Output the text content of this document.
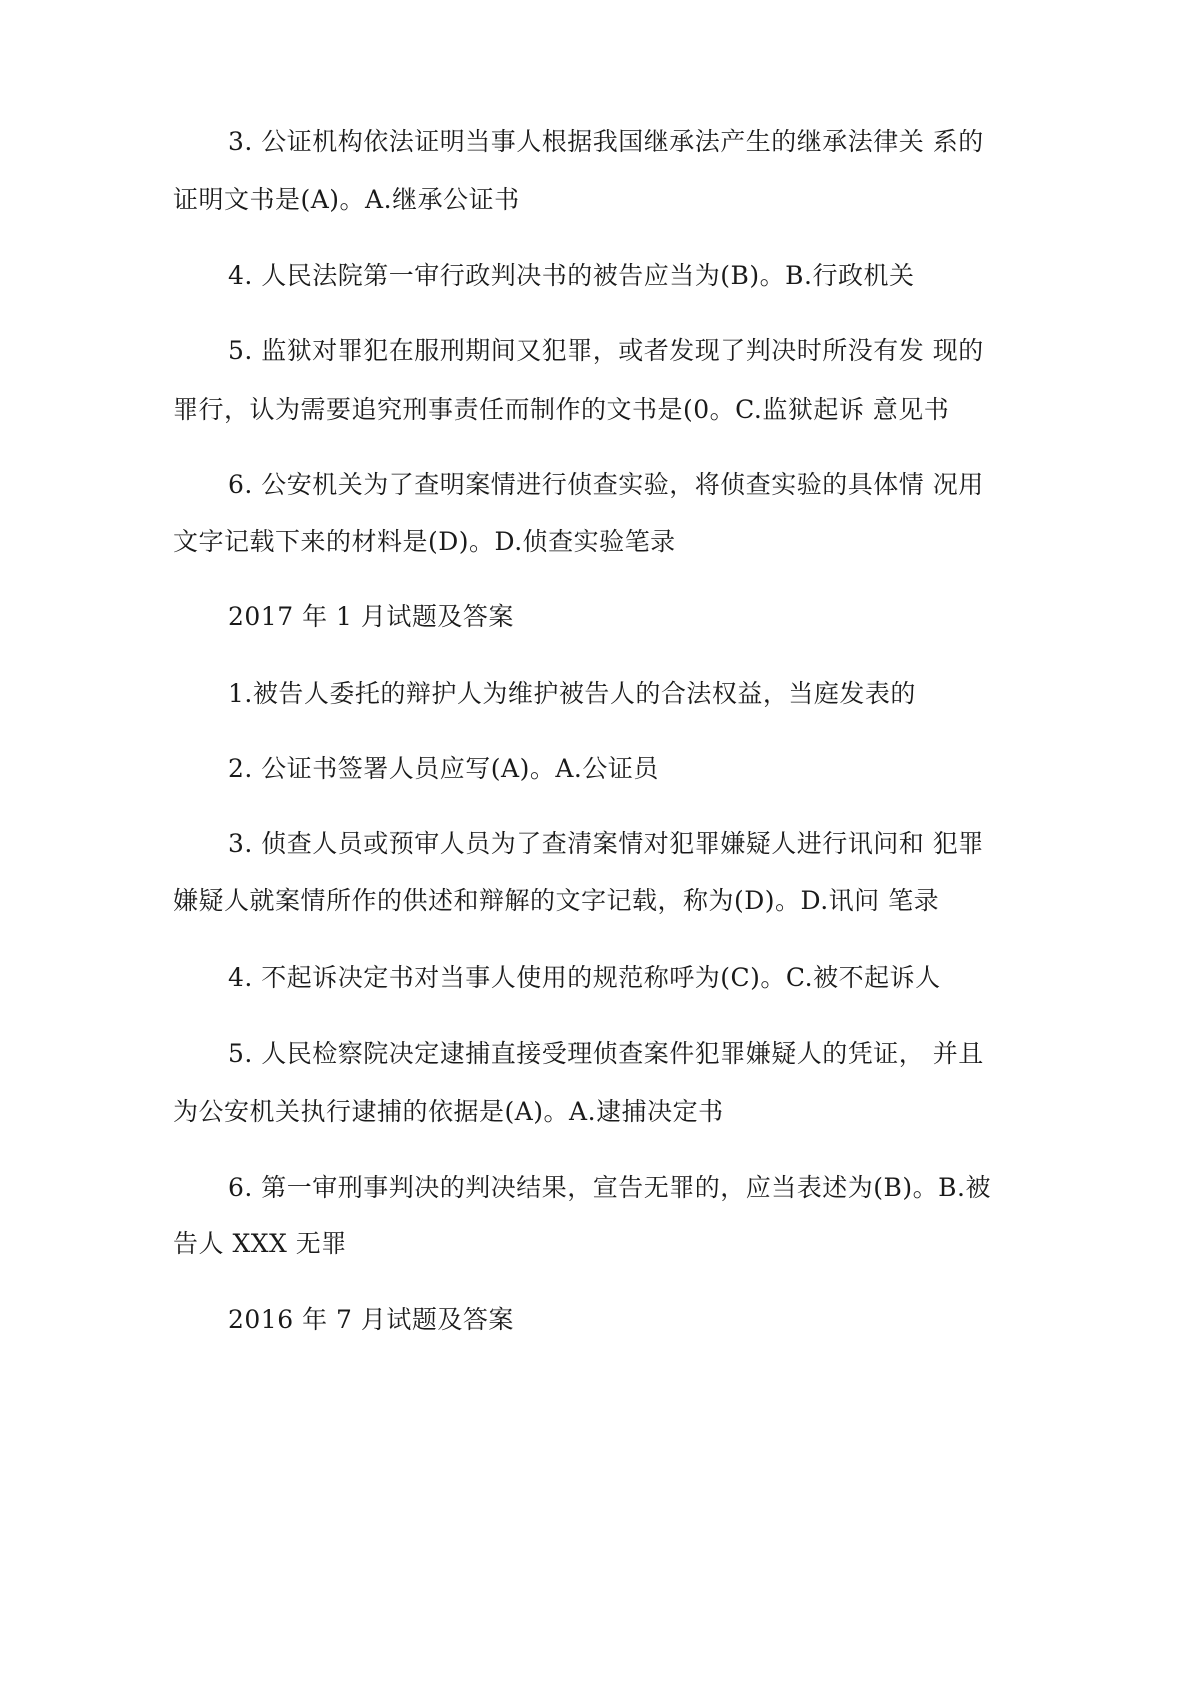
3. 公证机构依法证明当事人根据我国继承法产生的继承法律关 系的
证明文书是(A)。A.继承公证书
4. 人民法院第一审行政判决书的被告应当为(B)。B.行政机关
5. 监狱对罪犯在服刑期间又犯罪，或者发现了判决时所没有发 现的
罪行，认为需要追究刑事责任而制作的文书是(0。C.监狱起诉 意见书
6. 公安机关为了查明案情进行侦查实验，将侦查实验的具体情 况用
文字记载下来的材料是(D)。D.侦查实验笔录
2017 年 1 月试题及答案
1.被告人委托的辩护人为维护被告人的合法权益，当庭发表的
2. 公证书签署人员应写(A)。A.公证员
3. 侦查人员或预审人员为了查清案情对犯罪嫌疑人进行讯问和 犯罪
嫌疑人就案情所作的供述和辩解的文字记载，称为(D)。D.讯问 笔录
4. 不起诉决定书对当事人使用的规范称呼为(C)。C.被不起诉人
5. 人民检察院决定逮捕直接受理侦查案件犯罪嫌疑人的凭证， 并且
为公安机关执行逮捕的依据是(A)。A.逮捕决定书
6. 第一审刑事判决的判决结果，宣告无罪的，应当表述为(B)。B.被
告人 XXX 无罪
2016 年 7 月试题及答案
